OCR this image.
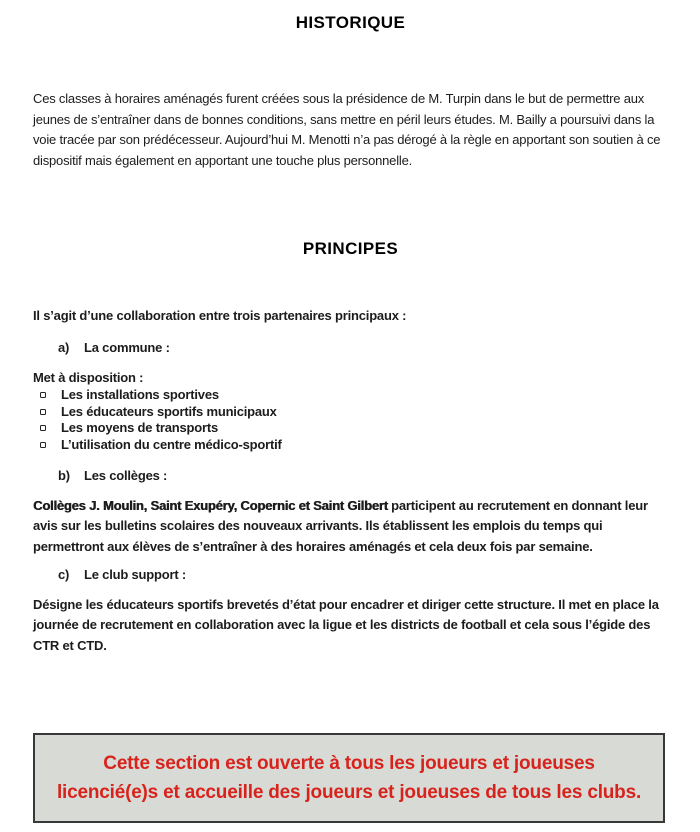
HISTORIQUE

Ces classes à horaires aménagés furent créées sous la présidence de M. Turpin dans le but de permettre aux jeunes de s’entraîner dans de bonnes conditions, sans mettre en péril leurs études. M. Bailly a poursuivi dans la voie tracée par son prédécesseur. Aujourd’hui M. Menotti n’a pas dérogé à la règle en apportant son soutien à ce dispositif mais également en apportant une touche plus personnelle.

PRINCIPES

Il s’agit d’une collaboration entre trois partenaires principaux :

a) La commune :

Met à disposition :

Les installations sportives
Les éducateurs sportifs municipaux
Les moyens de transports
L’utilisation du centre médico-sportif
b) Les collèges :

Collèges J. Moulin, Saint Exupéry, Copernic et Saint Gilbert participent au recrutement en donnant leur avis sur les bulletins scolaires des nouveaux arrivants. Ils établissent les emplois du temps qui permettront aux élèves de s’entraîner à des horaires aménagés et cela deux fois par semaine.

c) Le club support :

Désigne les éducateurs sportifs brevetés d’état pour encadrer et diriger cette structure. Il met en place la journée de recrutement en collaboration avec la ligue et les districts de football et cela sous l’égide des CTR et CTD.

Cette section est ouverte à tous les joueurs et joueuses licencié(e)s et accueille des joueurs et joueuses de tous les clubs.
